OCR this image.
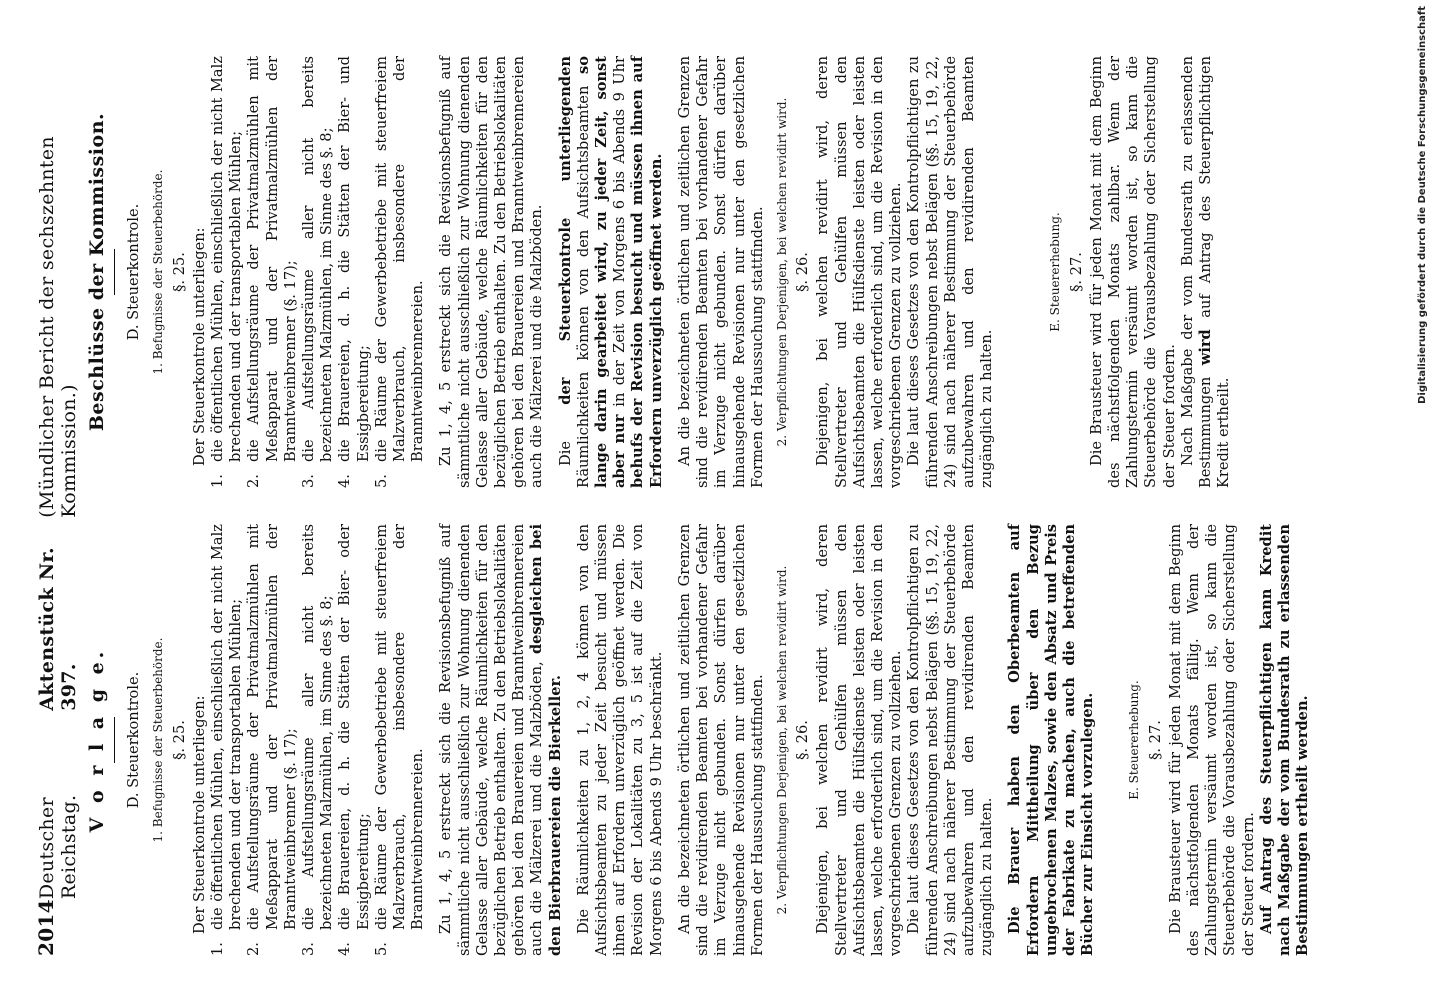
2014
Deutscher Reichstag.
Aktenstück Nr. 397.
(Mündlicher Bericht der sechszehnten Kommission.)
V o r l a g e. D. Steuerkontrole. 1. Befugnisse der Steuerbehörde. §. 25. Der Steuerkontrole unterliegen:

1.
die öffentlichen Mühlen, einschließlich der nicht Malz brechenden und der transportablen Mühlen;
2.
die Aufstellungsräume der Privatmalzmühlen mit Meßapparat und der Privatmalzmühlen der Branntweinbrenner (§. 17);
3.
die Aufstellungsräume aller nicht bereits bezeichneten Malzmühlen, im Sinne des §. 8;
4.
die Brauereien, d. h. die Stätten der Bier- oder Essigbereitung;
5.
die Räume der Gewerbebetriebe mit steuerfreiem Malzverbrauch, insbesondere der Branntweinbrennereien. Zu 1, 4, 5 erstreckt sich die Revisionsbefugniß auf sämmtliche nicht ausschließlich zur Wohnung dienenden Gelasse aller Gebäude, welche Räumlichkeiten für den bezüglichen Betrieb enthalten. Zu den Betriebslokalitäten gehören bei den Brauereien und Branntweinbrennereien auch die Mälzerei und die Malzböden, desgleichen bei den Bierbrauereien die Bierkeller. Die Räumlichkeiten zu 1, 2, 4 können von den Aufsichtsbeamten zu jeder Zeit besucht und müssen ihnen auf Erfordern unverzüglich geöffnet werden. Die Revision der Lokalitäten zu 3, 5 ist auf die Zeit von Morgens 6 bis Abends 9 Uhr beschränkt. An die bezeichneten örtlichen und zeitlichen Grenzen sind die revidirenden Beamten bei vorhandener Gefahr im Verzuge nicht gebunden. Sonst dürfen darüber hinausgehende Revisionen nur unter den gesetzlichen Formen der Haussuchung stattfinden. 2. Verpflichtungen Derjenigen, bei welchen revidirt wird. §. 26. Diejenigen, bei welchen revidirt wird, deren Stellvertreter und Gehülfen müssen den Aufsichtsbeamten die Hülfsdienste leisten oder leisten lassen, welche erforderlich sind, um die Revision in den vorgeschriebenen Grenzen zu vollziehen. Die laut dieses Gesetzes von den Kontrolpflichtigen zu führenden Anschreibungen nebst Belägen (§§. 15, 19, 22, 24) sind nach näherer Bestimmung der Steuerbehörde aufzubewahren und den revidirenden Beamten zugänglich zu halten. Die Brauer haben den Oberbeamten auf Erfordern Mittheilung über den Bezug ungebrochenen Malzes, sowie den Absatz und Preis der Fabrikate zu machen, auch die betreffenden Bücher zur Einsicht vorzulegen.	E. Steuererhebung. §. 27. Die Brausteuer wird für jeden Monat mit dem Beginn des nächstfolgenden Monats fällig. Wenn der Zahlungstermin versäumt worden ist, so kann die Steuerbehörde die Vorausbezahlung oder Sicherstellung der Steuer fordern. Auf Antrag des Steuerpflichtigen kann Kredit nach Maßgabe der vom Bundesrath zu erlassenden Bestimmungen ertheilt werden.

Beschlüsse der Kommission. D. Steuerkontrole. 1. Befugnisse der Steuerbehörde. §. 25. Der Steuerkontrole unterliegen:

1.
die öffentlichen Mühlen, einschließlich der nicht Malz brechenden und der transportablen Mühlen;
2.
die Aufstellungsräume der Privatmalzmühlen mit Meßapparat und der Privatmalzmühlen der Branntweinbrenner (§. 17);
3.
die Aufstellungsräume aller nicht bereits bezeichneten Malzmühlen, im Sinne des §. 8;
4.
die Brauereien, d. h. die Stätten der Bier- und Essigbereitung;
5.
die Räume der Gewerbebetriebe mit steuerfreiem Malzverbrauch, insbesondere der Branntweinbrennereien. Zu 1, 4, 5 erstreckt sich die Revisionsbefugniß auf sämmtliche nicht ausschließlich zur Wohnung dienenden Gelasse aller Gebäude, welche Räumlichkeiten für den bezüglichen Betrieb enthalten. Zu den Betriebslokalitäten gehören bei den Brauereien und Branntweinbrennereien auch die Mälzerei und die Malzböden. Die der Steuerkontrole unterliegenden Räumlichkeiten können von den Aufsichtsbeamten so lange darin gearbeitet wird, zu jeder Zeit, sonst aber nur in der Zeit von Morgens 6 bis Abends 9 Uhr behufs der Revision besucht und müssen ihnen auf Erfordern unverzüglich geöffnet werden. An die bezeichneten örtlichen und zeitlichen Grenzen sind die revidirenden Beamten bei vorhandener Gefahr im Verzuge nicht gebunden. Sonst dürfen darüber hinausgehende Revisionen nur unter den gesetzlichen Formen der Haussuchung stattfinden. 2. Verpflichtungen Derjenigen, bei welchen revidirt wird. §. 26. Diejenigen, bei welchen revidirt wird, deren Stellvertreter und Gehülfen müssen den Aufsichtsbeamten die Hülfsdienste leisten oder leisten lassen, welche erforderlich sind, um die Revision in den vorgeschriebenen Grenzen zu vollziehen. Die laut dieses Gesetzes von den Kontrolpflichtigen zu führenden Anschreibungen nebst Belägen (§§. 15, 19, 22, 24) sind nach näherer Bestimmung der Steuerbehörde aufzubewahren und den revidirenden Beamten zugänglich zu halten.

E. Steuererhebung. §. 27. Die Brausteuer wird für jeden Monat mit dem Beginn des nächstfolgenden Monats zahlbar. Wenn der Zahlungstermin versäumt worden ist, so kann die Steuerbehörde die Vorausbezahlung oder Sicherstellung der Steuer fordern. Nach Maßgabe der vom Bundesrath zu erlassenden Bestimmungen wird auf Antrag des Steuerpflichtigen Kredit ertheilt.

Digitalisierung gefördert durch die Deutsche Forschungsgemeinschaft
